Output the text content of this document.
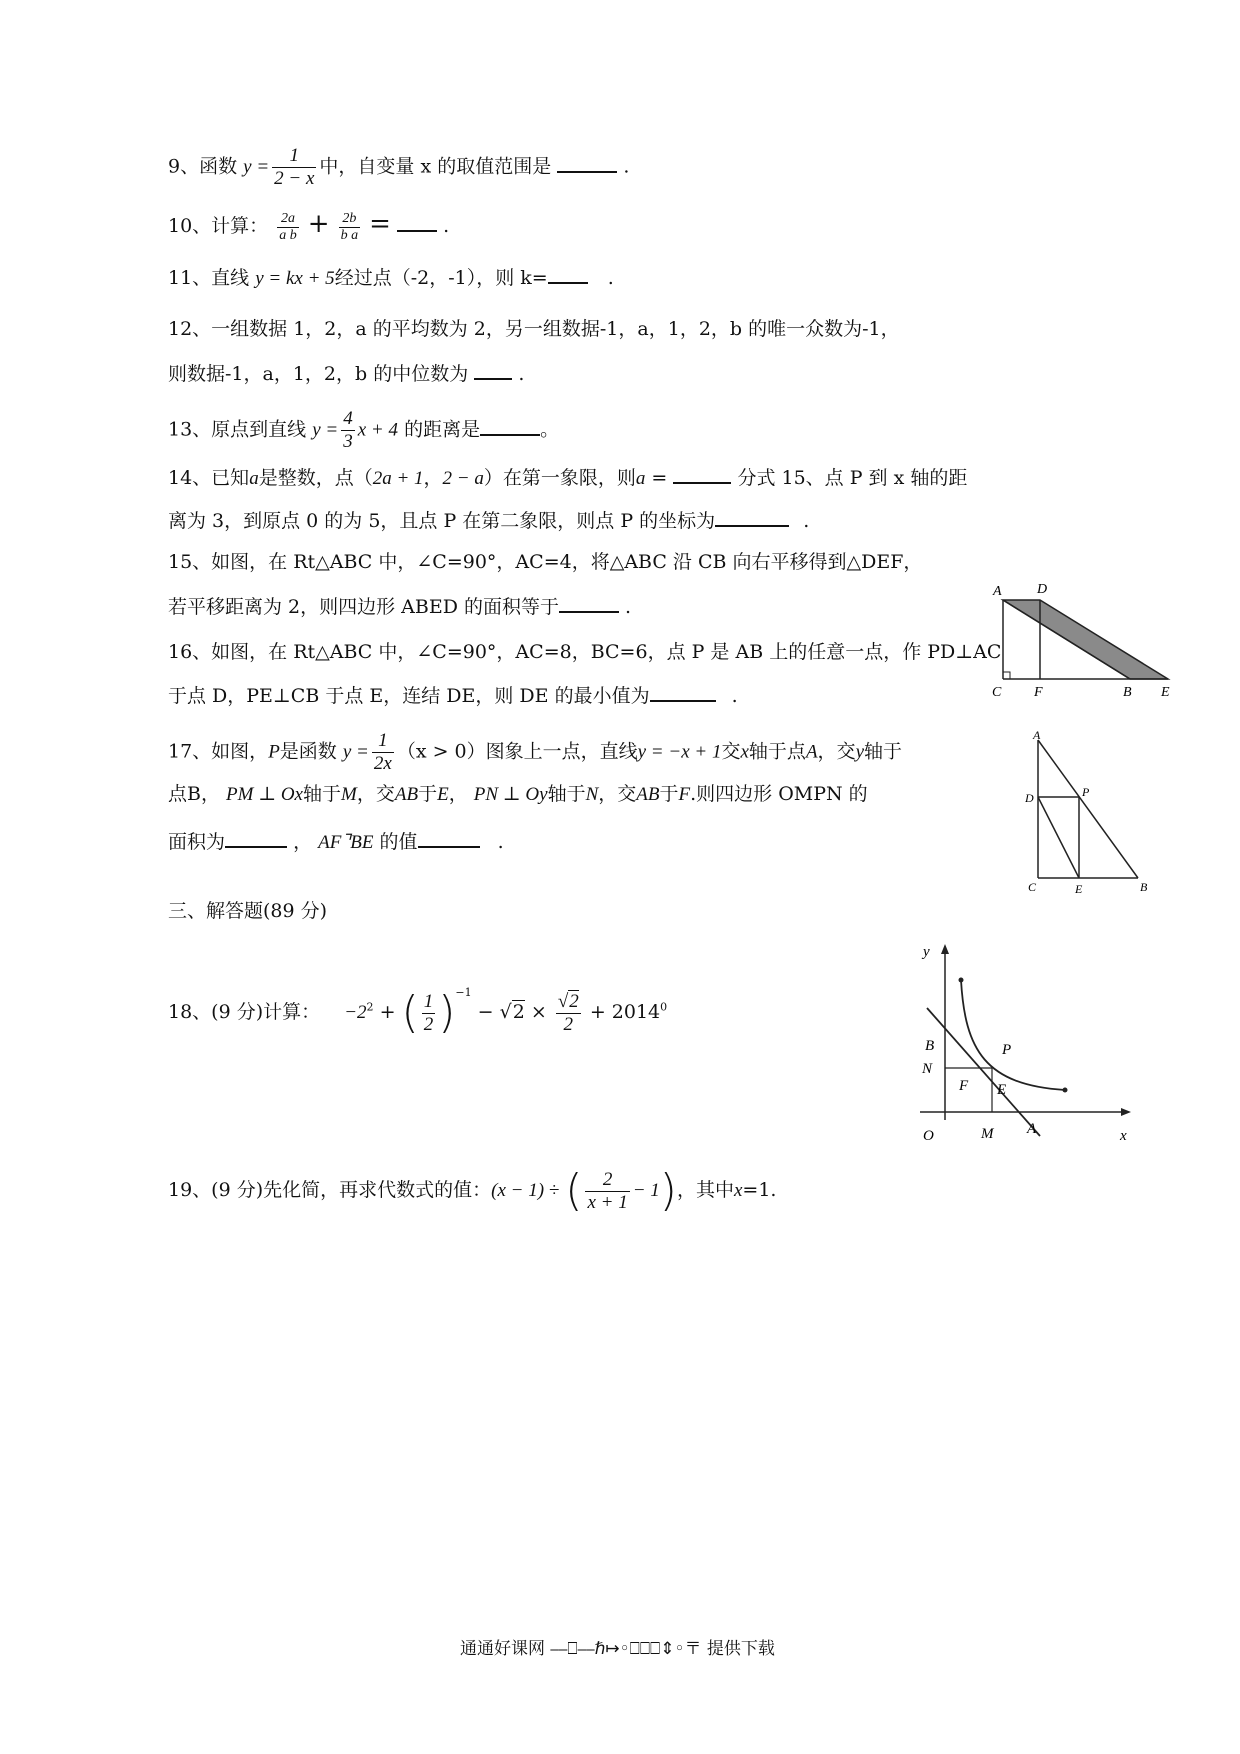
9、函数 $y = \frac{1}{2 - x}$ 中，自变量 x 的取值范围是	.
10、计算： $\frac{2a}{\text{a b}} + \frac{2b}{\text{b a}}$ =	.
11、直线 y = kx + 5经过点（-2，-1），则 k=	.
12、一组数据 1，2，a 的平均数为 2，另一组数据-1，a，1，2，b 的唯一众数为-1，
则数据-1，a，1，2，b 的中位数为	.
13、原点到直线 $y = \frac{4}{3}$ x + 4 的距离是	。
14、已知a是整数，点（2a + 1，2 − a）在第一象限，则a =	分式 15、点 P 到 x 轴的距
离为 3，到原点 0 的为 5，且点 P 在第二象限，则点 P 的坐标为	.
15、如图，在 Rt△ABC 中，∠C=90°，AC=4，将△ABC 沿 CB 向右平移得到△DEF，
若平移距离为 2，则四边形 ABED 的面积等于	.
A	D
C F	B E
16、如图，在 Rt△ABC 中，∠C=90°，AC=8，BC=6，点 P 是 AB 上的任意一点，作 PD⊥AC
于点 D，PE⊥CB 于点 E，连结 DE，则 DE 的最小值为	.
A
D	P
C	E	B
17、如图，P是函数 $y = \frac{1}{2x} (x > 0)$图象上一点，直线y = −x + 1交x轴于点A，交y轴于
点B， PM ⊥ Ox轴于M，交AB于E， PN ⊥ Oy轴于N，交AB于F.则四边形 OMPN 的
面积为	， AF⌝BE 的值	.
y
B	P
N
F E
O	M A	x
三、解答题(89 分)
18、(9 分)计算： $-2^2$ + ( $\frac{1}{2} )^{-1} - √2 \times \frac{√2}{2} + 2014^0$
19、(9 分)先化简，再求代数式的值：(x − 1) ÷ ( $\frac{2}{x + 1} - 1$)，其中x=1.
通通好课网 ⎯⎯⎕⎯⎯ℏ↦◦⎕⎕⎕⇕◦〒 提供下载
